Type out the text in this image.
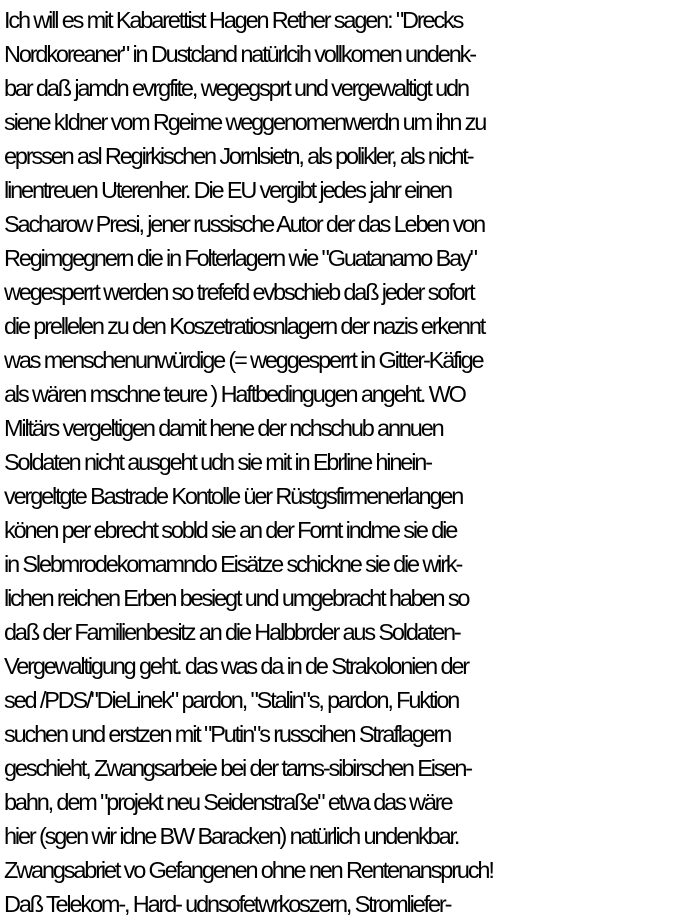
Ich will es mit Kabarettist Hagen Rether sagen: "Drecks
Nordkoreaner" in Dustcland natürlcih vollkomen undenk-
bar daß jamdn evrgfite, wegegsprt und vergewaltigt udn
siene kIdner vom Rgeime weggenomenwerdn um ihn zu
eprssen asl Regirkischen Jornlsietn, als polikler, als nicht-
linentreuen Uterenher. Die EU vergibt jedes jahr einen
Sacharow Presi, jener russische Autor der das Leben von
Regimgegnern die in Folterlagern wie "Guatanamo Bay"
wegesperrt werden so trefefd evbschieb daß jeder sofort
die prellelen zu den Koszetratiosnlagern der nazis erkennt
was menschenunwürdige (= weggesperrt in Gitter-Käfige
als wären mschne teure ) Haftbedingugen angeht. WO
Miltärs vergeltigen damit hene der nchschub annuen
Soldaten nicht ausgeht udn sie mit in Ebrline hinein-
vergeltgte Bastrade Kontolle üer Rüstgsfirmenerlangen
könen per ebrecht sobld sie an der Fornt indme sie die
in Slebmrodekomamndo Eisätze schickne sie die wirk-
lichen reichen Erben besiegt und umgebracht haben so
daß der Familienbesitz an die Halbbrder aus Soldaten-
Vergewaltigung geht. das was da in de Strakolonien der
sed /PDS/"DieLinek" pardon, "Stalin"s, pardon, Fuktion
suchen und erstzen mit "Putin"s russcihen Straflagern
geschieht, Zwangsarbeie bei der tarns-sibirschen Eisen-
bahn, dem "projekt neu Seidenstraße" etwa das wäre
hier (sgen wir idne BW Baracken) natürlich undenkbar.
Zwangsabriet vo Gefangenen ohne nen Rentenanspruch!
Daß Telekom-, Hard- udnsofetwrkoszern, Stromliefer-
